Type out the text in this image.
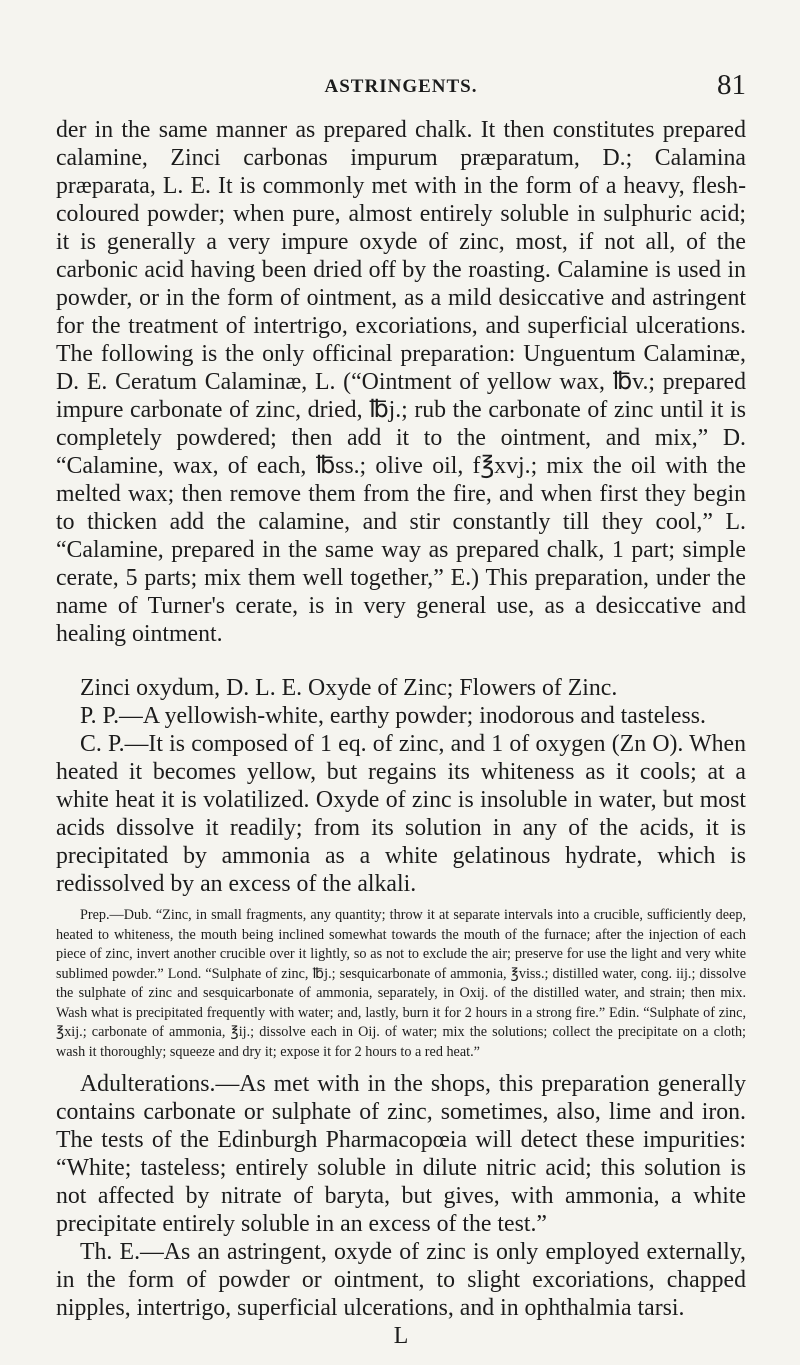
ASTRINGENTS.	81

der in the same manner as prepared chalk. It then constitutes prepared calamine, Zinci carbonas impurum præparatum, D.; Calamina præparata, L. E. It is commonly met with in the form of a heavy, flesh-coloured powder; when pure, almost entirely soluble in sulphuric acid; it is generally a very impure oxyde of zinc, most, if not all, of the carbonic acid having been dried off by the roasting. Calamine is used in powder, or in the form of ointment, as a mild desiccative and astringent for the treatment of intertrigo, excoriations, and superficial ulcerations. The following is the only officinal preparation: Unguentum Calaminæ, D. E. Ceratum Calaminæ, L. (“Ointment of yellow wax, ℔v.; prepared impure carbonate of zinc, dried, ℔j.; rub the carbonate of zinc until it is completely powdered; then add it to the ointment, and mix,” D. “Calamine, wax, of each, ℔ss.; olive oil, f℥xvj.; mix the oil with the melted wax; then remove them from the fire, and when first they begin to thicken add the calamine, and stir constantly till they cool,” L. “Calamine, prepared in the same way as prepared chalk, 1 part; simple cerate, 5 parts; mix them well together,” E.) This preparation, under the name of Turner's cerate, is in very general use, as a desiccative and healing ointment.

Zinci oxydum, D. L. E. Oxyde of Zinc; Flowers of Zinc.

P. P.—A yellowish-white, earthy powder; inodorous and tasteless.

C. P.—It is composed of 1 eq. of zinc, and 1 of oxygen (Zn O). When heated it becomes yellow, but regains its whiteness as it cools; at a white heat it is volatilized. Oxyde of zinc is insoluble in water, but most acids dissolve it readily; from its solution in any of the acids, it is precipitated by ammonia as a white gelatinous hydrate, which is redissolved by an excess of the alkali.

Prep.—Dub. “Zinc, in small fragments, any quantity; throw it at separate intervals into a crucible, sufficiently deep, heated to whiteness, the mouth being inclined somewhat towards the mouth of the furnace; after the injection of each piece of zinc, invert another crucible over it lightly, so as not to exclude the air; preserve for use the light and very white sublimed powder.” Lond. “Sulphate of zinc, ℔j.; sesquicarbonate of ammonia, ℥viss.; distilled water, cong. iij.; dissolve the sulphate of zinc and sesquicarbonate of ammonia, separately, in Oxij. of the distilled water, and strain; then mix. Wash what is precipitated frequently with water; and, lastly, burn it for 2 hours in a strong fire.” Edin. “Sulphate of zinc, ℥xij.; carbonate of ammonia, ℥ij.; dissolve each in Oij. of water; mix the solutions; collect the precipitate on a cloth; wash it thoroughly; squeeze and dry it; expose it for 2 hours to a red heat.”

Adulterations.—As met with in the shops, this preparation generally contains carbonate or sulphate of zinc, sometimes, also, lime and iron. The tests of the Edinburgh Pharmacopœia will detect these impurities: “White; tasteless; entirely soluble in dilute nitric acid; this solution is not affected by nitrate of baryta, but gives, with ammonia, a white precipitate entirely soluble in an excess of the test.”

Th. E.—As an astringent, oxyde of zinc is only employed externally, in the form of powder or ointment, to slight excoriations, chapped nipples, intertrigo, superficial ulcerations, and in ophthalmia tarsi.

L
